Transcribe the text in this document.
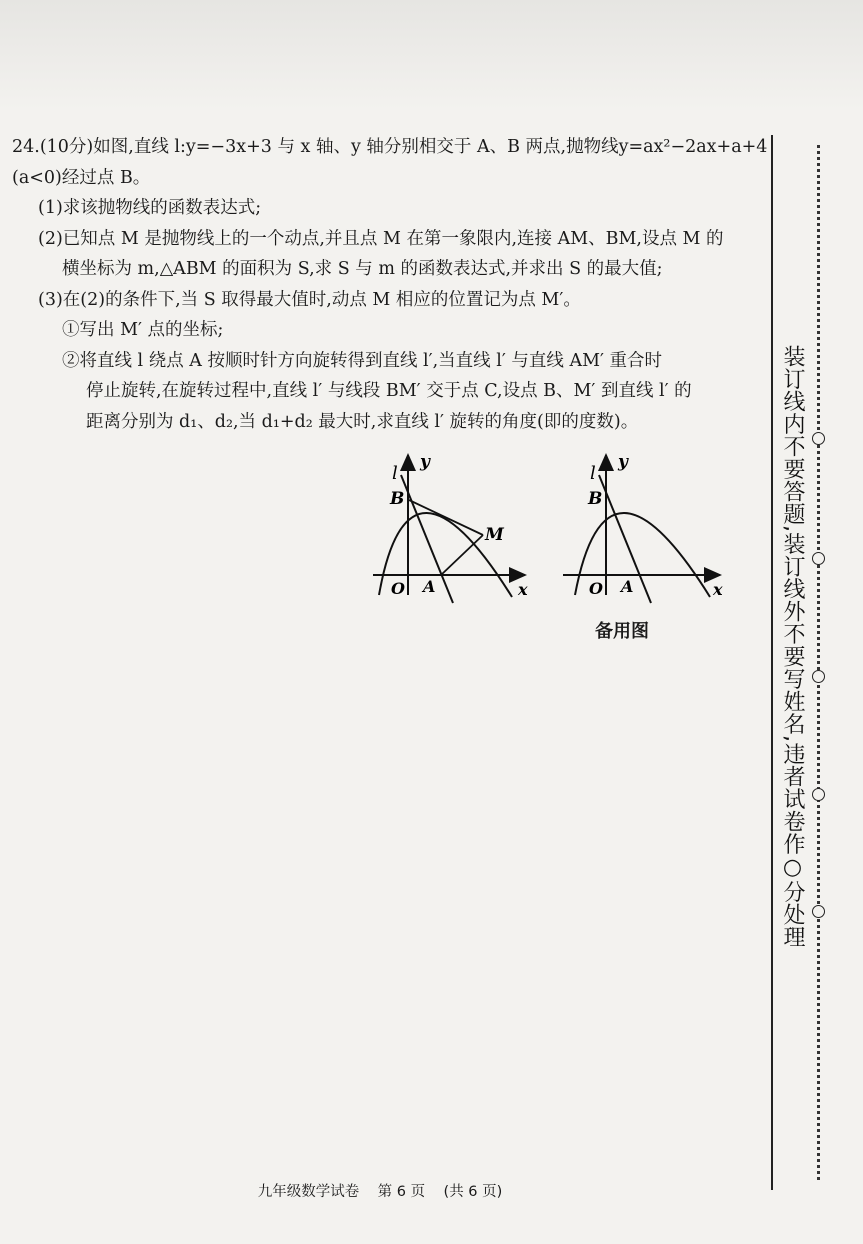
24.(10分)如图,直线 l:y=−3x+3 与 x 轴、y 轴分别相交于 A、B 两点,抛物线y=ax²−2ax+a+4
(a<0)经过点 B。
(1)求该抛物线的函数表达式;
(2)已知点 M 是抛物线上的一个动点,并且点 M 在第一象限内,连接 AM、BM,设点 M 的
横坐标为 m,△ABM 的面积为 S,求 S 与 m 的函数表达式,并求出 S 的最大值;
(3)在(2)的条件下,当 S 取得最大值时,动点 M 相应的位置记为点 M′。
①写出 M′ 点的坐标;
②将直线 l 绕点 A 按顺时针方向旋转得到直线 l′,当直线 l′ 与直线 AM′ 重合时
停止旋转,在旋转过程中,直线 l′ 与线段 BM′ 交于点 C,设点 B、M′ 到直线 l′ 的
距离分别为 d₁、d₂,当 d₁+d₂ 最大时,求直线 l′ 旋转的角度(即的度数)。
l
y
B
M
O A	x
l
y
B
O A	x
备用图	装订线内不要答题,装订线外不要写姓名,违者试卷作○分处理
九年级数学试卷 第 6 页 (共 6 页)
